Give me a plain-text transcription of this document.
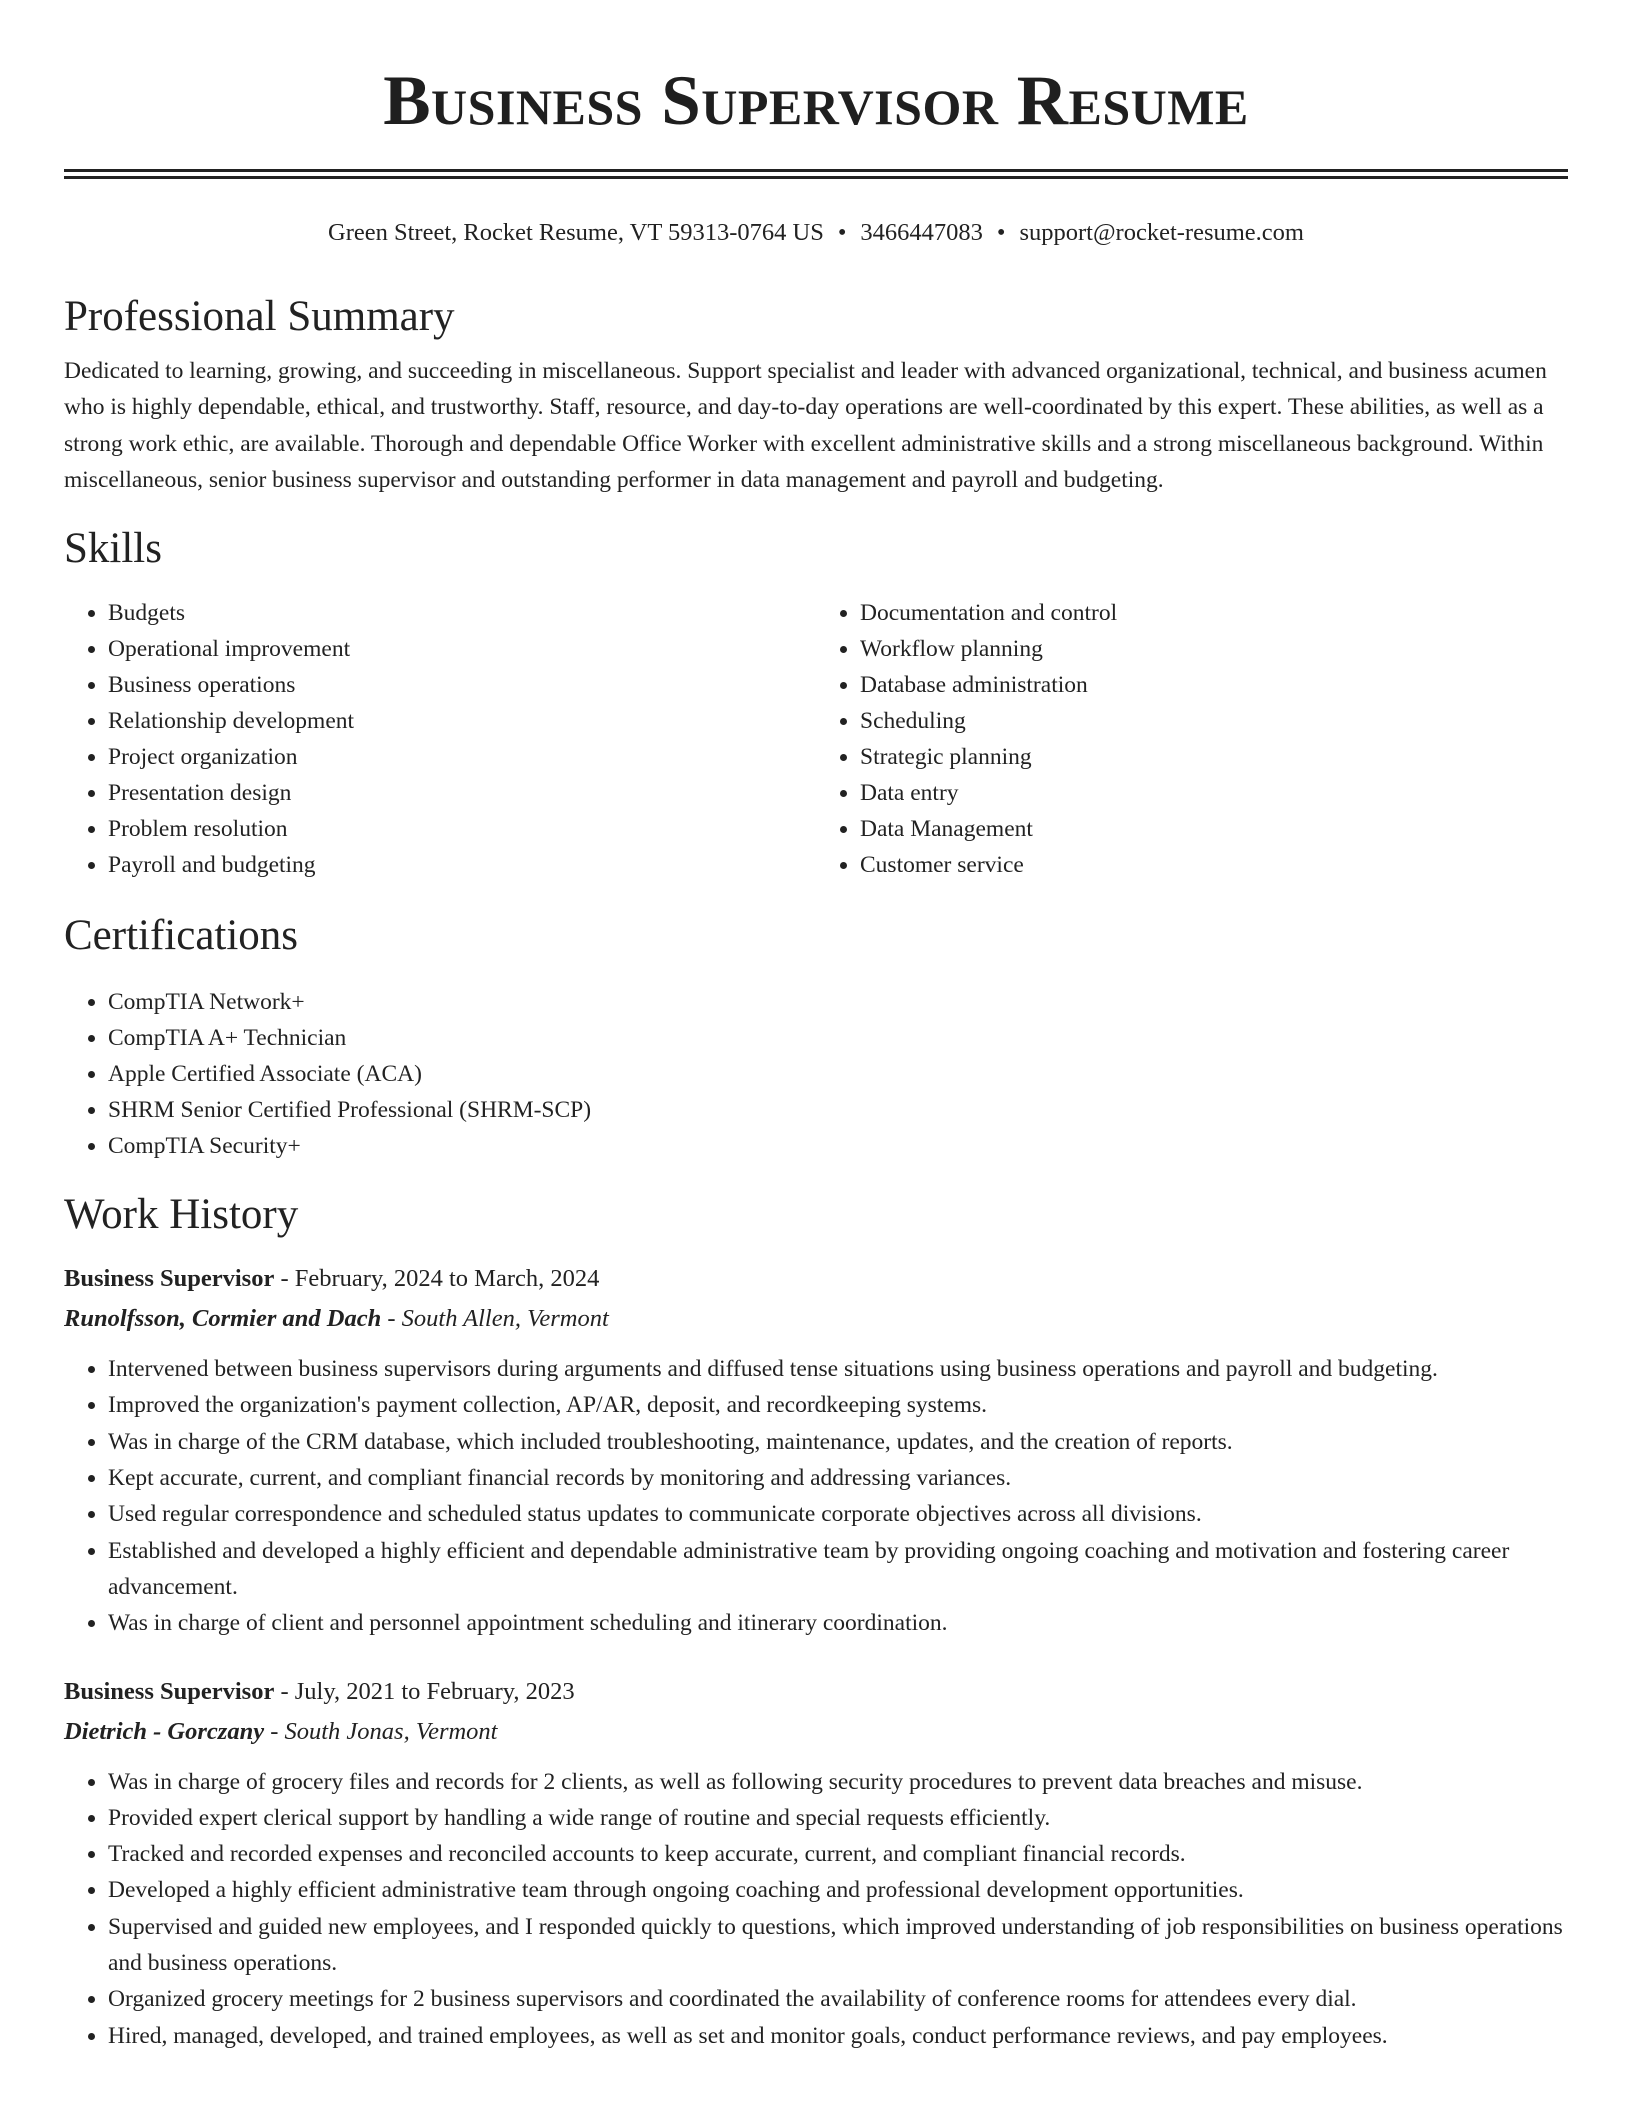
Business Supervisor Resume
Green Street, Rocket Resume, VT 59313-0764 US • 3466447083 • support@rocket-resume.com
Professional Summary
Dedicated to learning, growing, and succeeding in miscellaneous. Support specialist and leader with advanced organizational, technical, and business acumen who is highly dependable, ethical, and trustworthy. Staff, resource, and day-to-day operations are well-coordinated by this expert. These abilities, as well as a strong work ethic, are available. Thorough and dependable Office Worker with excellent administrative skills and a strong miscellaneous background. Within miscellaneous, senior business supervisor and outstanding performer in data management and payroll and budgeting.
Skills
• Budgets
• Operational improvement
• Business operations
• Relationship development
• Project organization
• Presentation design
• Problem resolution
• Payroll and budgeting
• Documentation and control
• Workflow planning
• Database administration
• Scheduling
• Strategic planning
• Data entry
• Data Management
• Customer service
Certifications
• CompTIA Network+
• CompTIA A+ Technician
• Apple Certified Associate (ACA)
• SHRM Senior Certified Professional (SHRM-SCP)
• CompTIA Security+
Work History
Business Supervisor - February, 2024 to March, 2024
Runolfsson, Cormier and Dach - South Allen, Vermont
• Intervened between business supervisors during arguments and diffused tense situations using business operations and payroll and budgeting.
• Improved the organization's payment collection, AP/AR, deposit, and recordkeeping systems.
• Was in charge of the CRM database, which included troubleshooting, maintenance, updates, and the creation of reports.
• Kept accurate, current, and compliant financial records by monitoring and addressing variances.
• Used regular correspondence and scheduled status updates to communicate corporate objectives across all divisions.
• Established and developed a highly efficient and dependable administrative team by providing ongoing coaching and motivation and fostering career advancement.
• Was in charge of client and personnel appointment scheduling and itinerary coordination.
Business Supervisor - July, 2021 to February, 2023
Dietrich - Gorczany - South Jonas, Vermont
• Was in charge of grocery files and records for 2 clients, as well as following security procedures to prevent data breaches and misuse.
• Provided expert clerical support by handling a wide range of routine and special requests efficiently.
• Tracked and recorded expenses and reconciled accounts to keep accurate, current, and compliant financial records.
• Developed a highly efficient administrative team through ongoing coaching and professional development opportunities.
• Supervised and guided new employees, and I responded quickly to questions, which improved understanding of job responsibilities on business operations and business operations.
• Organized grocery meetings for 2 business supervisors and coordinated the availability of conference rooms for attendees every dial.
• Hired, managed, developed, and trained employees, as well as set and monitor goals, conduct performance reviews, and pay employees.
